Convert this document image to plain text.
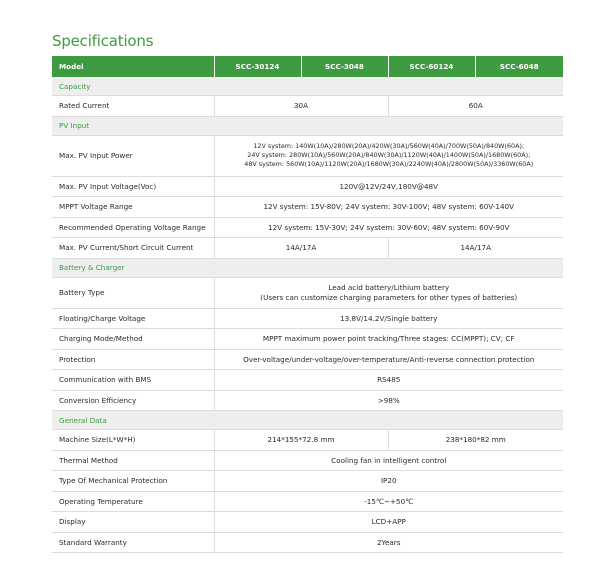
Specifications
Model	SCC-30124	SCC-3048	SCC-60124	SCC-6048
Capacity				
Rated Current	30A		60A	
PV Input				
Max. PV Input Power	12V system: 140W(10A)/280W(20A)/420W(30A)/560W(40A)/700W(50A)/840W(60A);
24V system: 280W(10A)/560W(20A)/840W(30A)/1120W(40A)/1400W(50A)/1680W(60A);
48V system: 560W(10A)/1120W(20A)/1680W(30A)/2240W(40A)/2800W(50A)/3360W(60A)			

Max. PV Input Voltage(Voc)	120V@12V/24V,180V@48V			
MPPT Voltage Range	12V system: 15V-80V; 24V system: 30V-100V; 48V system: 60V-140V			
Recommended Operating Voltage Range	12V system: 15V-30V; 24V system: 30V-60V; 48V system: 60V-90V			
Max. PV Current/Short Circuit Current	14A/17A		14A/17A	
Battery & Charger				
Battery Type	Lead acid battery/Lithium battery
(Users can customize charging parameters for other types of batteries)			

Floating/Charge Voltage	13.8V/14.2V/Single battery			
Charging Mode/Method	MPPT maximum power point tracking/Three stages: CC(MPPT); CV; CF			
Protection	Over-voltage/under-voltage/over-temperature/Anti-reverse connection protection			
Communication with BMS	RS485			
Conversion Efficiency	>98%			
General Data				
Machine Size(L*W*H)	214*155*72.8 mm		238*180*82 mm	
Thermal Method	Cooling fan in intelligent control			
Type Of Mechanical Protection	IP20			
Operating Temperature	-15℃~+50℃			
Display	LCD+APP			
Standard Warranty	2Years			
